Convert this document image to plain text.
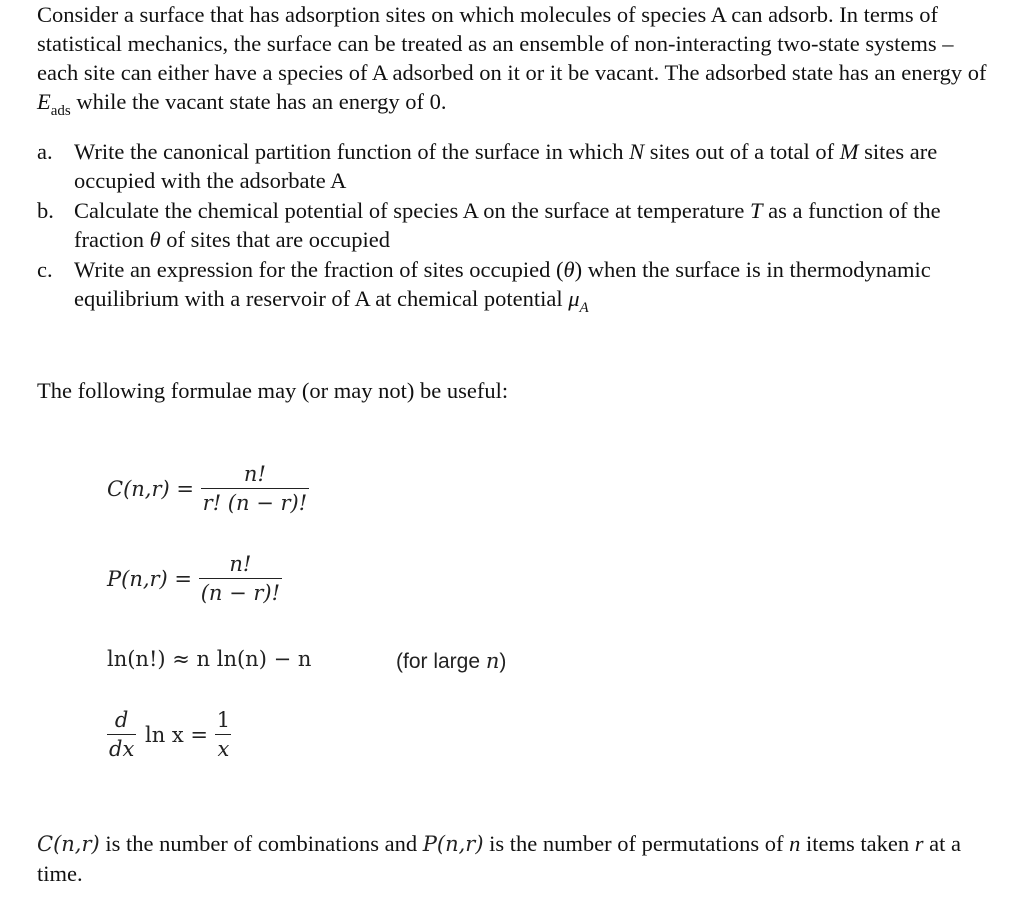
Consider a surface that has adsorption sites on which molecules of species A can adsorb. In terms of statistical mechanics, the surface can be treated as an ensemble of non-interacting two-state systems – each site can either have a species of A adsorbed on it or it be vacant. The adsorbed state has an energy of $E_{ads}$ while the vacant state has an energy of 0.
a. Write the canonical partition function of the surface in which N sites out of a total of M sites are occupied with the adsorbate A
b. Calculate the chemical potential of species A on the surface at temperature T as a function of the fraction θ of sites that are occupied
c. Write an expression for the fraction of sites occupied (θ) when the surface is in thermodynamic equilibrium with a reservoir of A at chemical potential $\mu_A$
The following formulae may (or may not) be useful:
$C(n,r) = \frac{n!}{r! (n - r)!}$
$P(n,r) = \frac{n!}{(n - r)!}$
ln(n!) ≈ n ln(n) − n	(for large n)
$\frac{d}{dx}$ $\ln x = \frac{1}{x}$
C(n,r) is the number of combinations and P(n,r) is the number of permutations of n items taken r at a time.
